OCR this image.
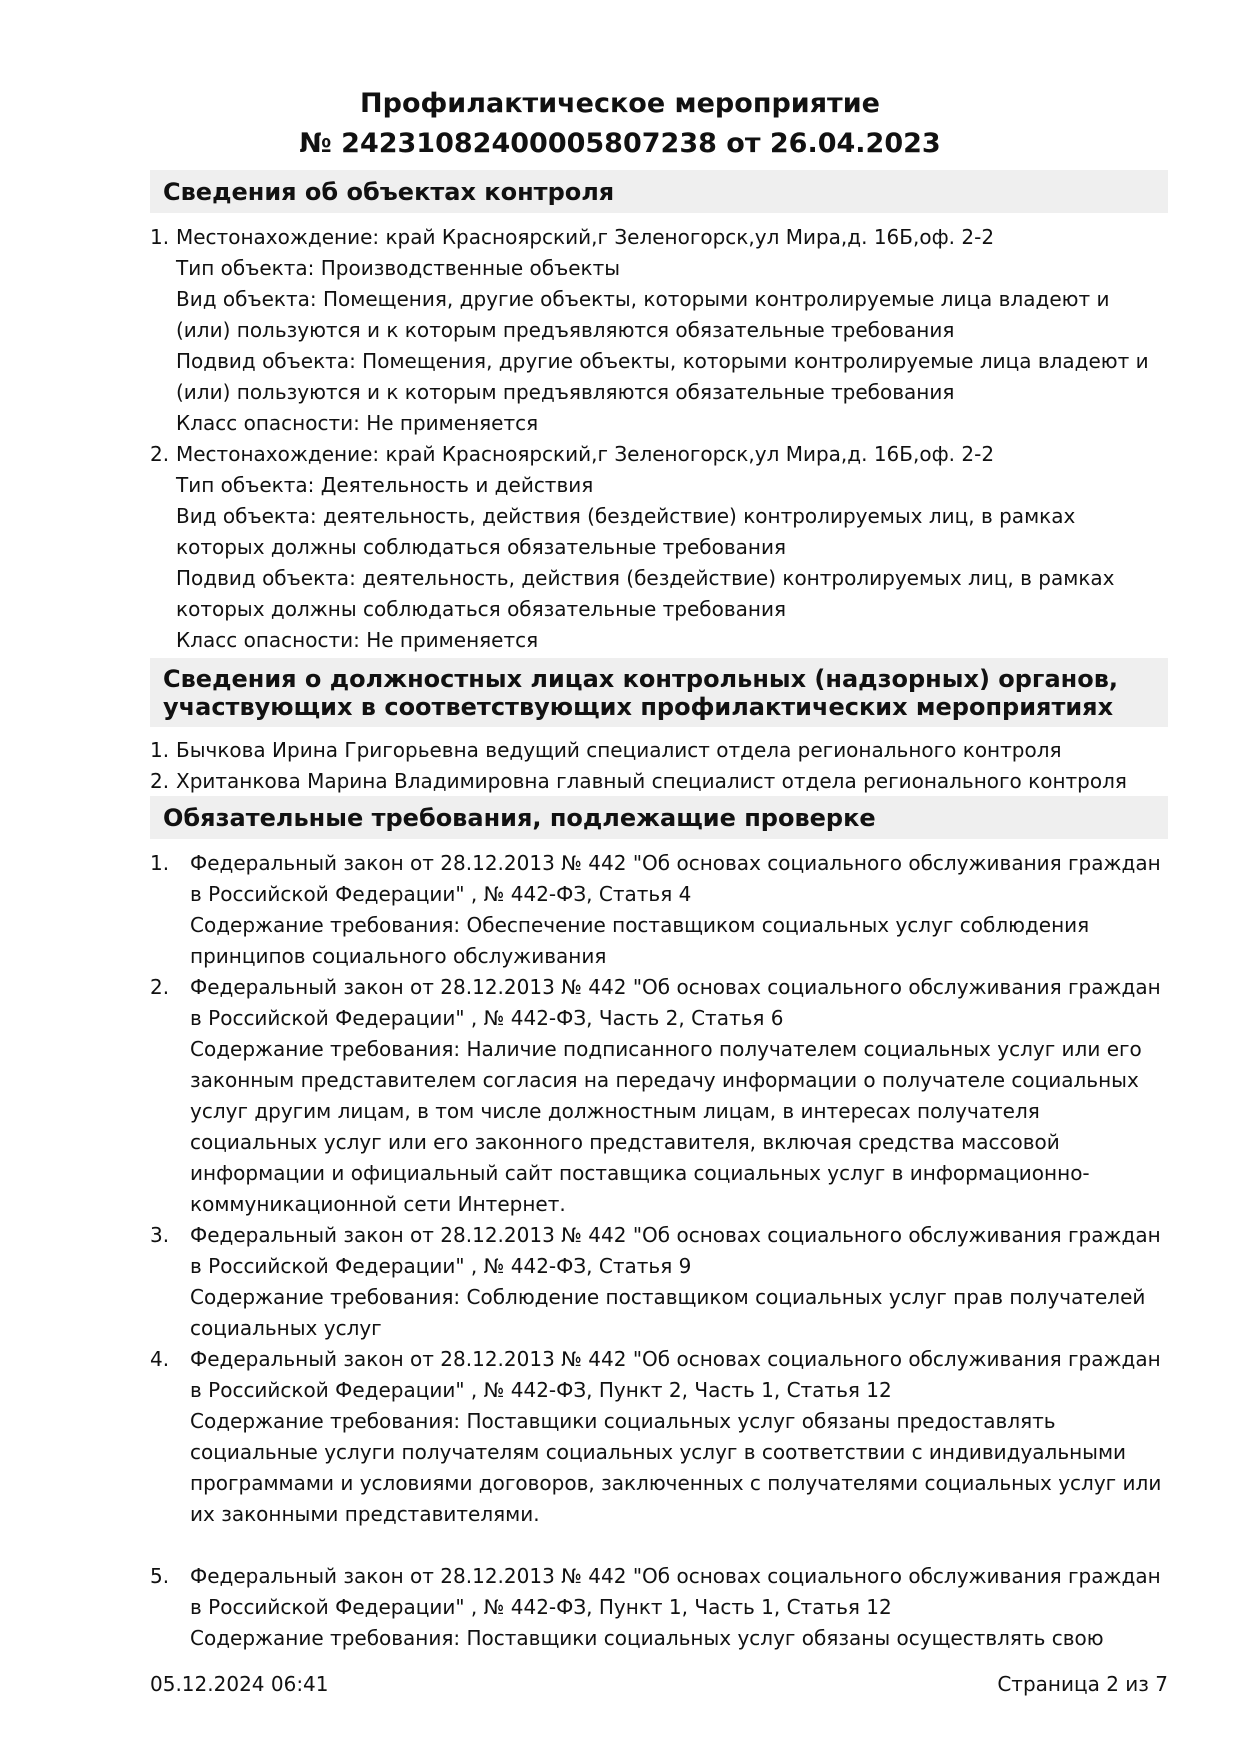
Профилактическое мероприятие
№ 24231082400005807238 от 26.04.2023
Сведения об объектах контроля
1. Местонахождение: край Красноярский,г Зеленогорск,ул Мира,д. 16Б,оф. 2-2

Тип объекта: Производственные объекты

Вид объекта: Помещения, другие объекты, которыми контролируемые лица владеют и (или) пользуются и к которым предъявляются обязательные требования

Подвид объекта: Помещения, другие объекты, которыми контролируемые лица владеют и (или) пользуются и к которым предъявляются обязательные требования

Класс опасности: Не применяется

2. Местонахождение: край Красноярский,г Зеленогорск,ул Мира,д. 16Б,оф. 2-2

Тип объекта: Деятельность и действия

Вид объекта: деятельность, действия (бездействие) контролируемых лиц, в рамках которых должны соблюдаться обязательные требования

Подвид объекта: деятельность, действия (бездействие) контролируемых лиц, в рамках которых должны соблюдаться обязательные требования

Класс опасности: Не применяется

Сведения о должностных лицах контрольных (надзорных) органов,
участвующих в соответствующих профилактических мероприятиях
1. Бычкова Ирина Григорьевна ведущий специалист отдела регионального контроля

2. Хританкова Марина Владимировна главный специалист отдела регионального контроля

Обязательные требования, подлежащие проверке
1. Федеральный закон от 28.12.2013 № 442 "Об основах социального обслуживания граждан в Российской Федерации" , № 442-ФЗ, Статья 4

Содержание требования: Обеспечение поставщиком социальных услуг соблюдения принципов социального обслуживания

2. Федеральный закон от 28.12.2013 № 442 "Об основах социального обслуживания граждан в Российской Федерации" , № 442-ФЗ, Часть 2, Статья 6

Содержание требования: Наличие подписанного получателем социальных услуг или его законным представителем согласия на передачу информации о получателе социальных услуг другим лицам, в том числе должностным лицам, в интересах получателя социальных услуг или его законного представителя, включая средства массовой информации и официальный сайт поставщика социальных услуг в информационно-коммуникационной сети Интернет.

3. Федеральный закон от 28.12.2013 № 442 "Об основах социального обслуживания граждан в Российской Федерации" , № 442-ФЗ, Статья 9

Содержание требования: Соблюдение поставщиком социальных услуг прав получателей социальных услуг

4. Федеральный закон от 28.12.2013 № 442 "Об основах социального обслуживания граждан в Российской Федерации" , № 442-ФЗ, Пункт 2, Часть 1, Статья 12

Содержание требования: Поставщики социальных услуг обязаны предоставлять социальные услуги получателям социальных услуг в соответствии с индивидуальными программами и условиями договоров, заключенных с получателями социальных услуг или их законными представителями.

5. Федеральный закон от 28.12.2013 № 442 "Об основах социального обслуживания граждан в Российской Федерации" , № 442-ФЗ, Пункт 1, Часть 1, Статья 12

Содержание требования: Поставщики социальных услуг обязаны осуществлять свою

05.12.2024 06:41	Страница 2 из 7
